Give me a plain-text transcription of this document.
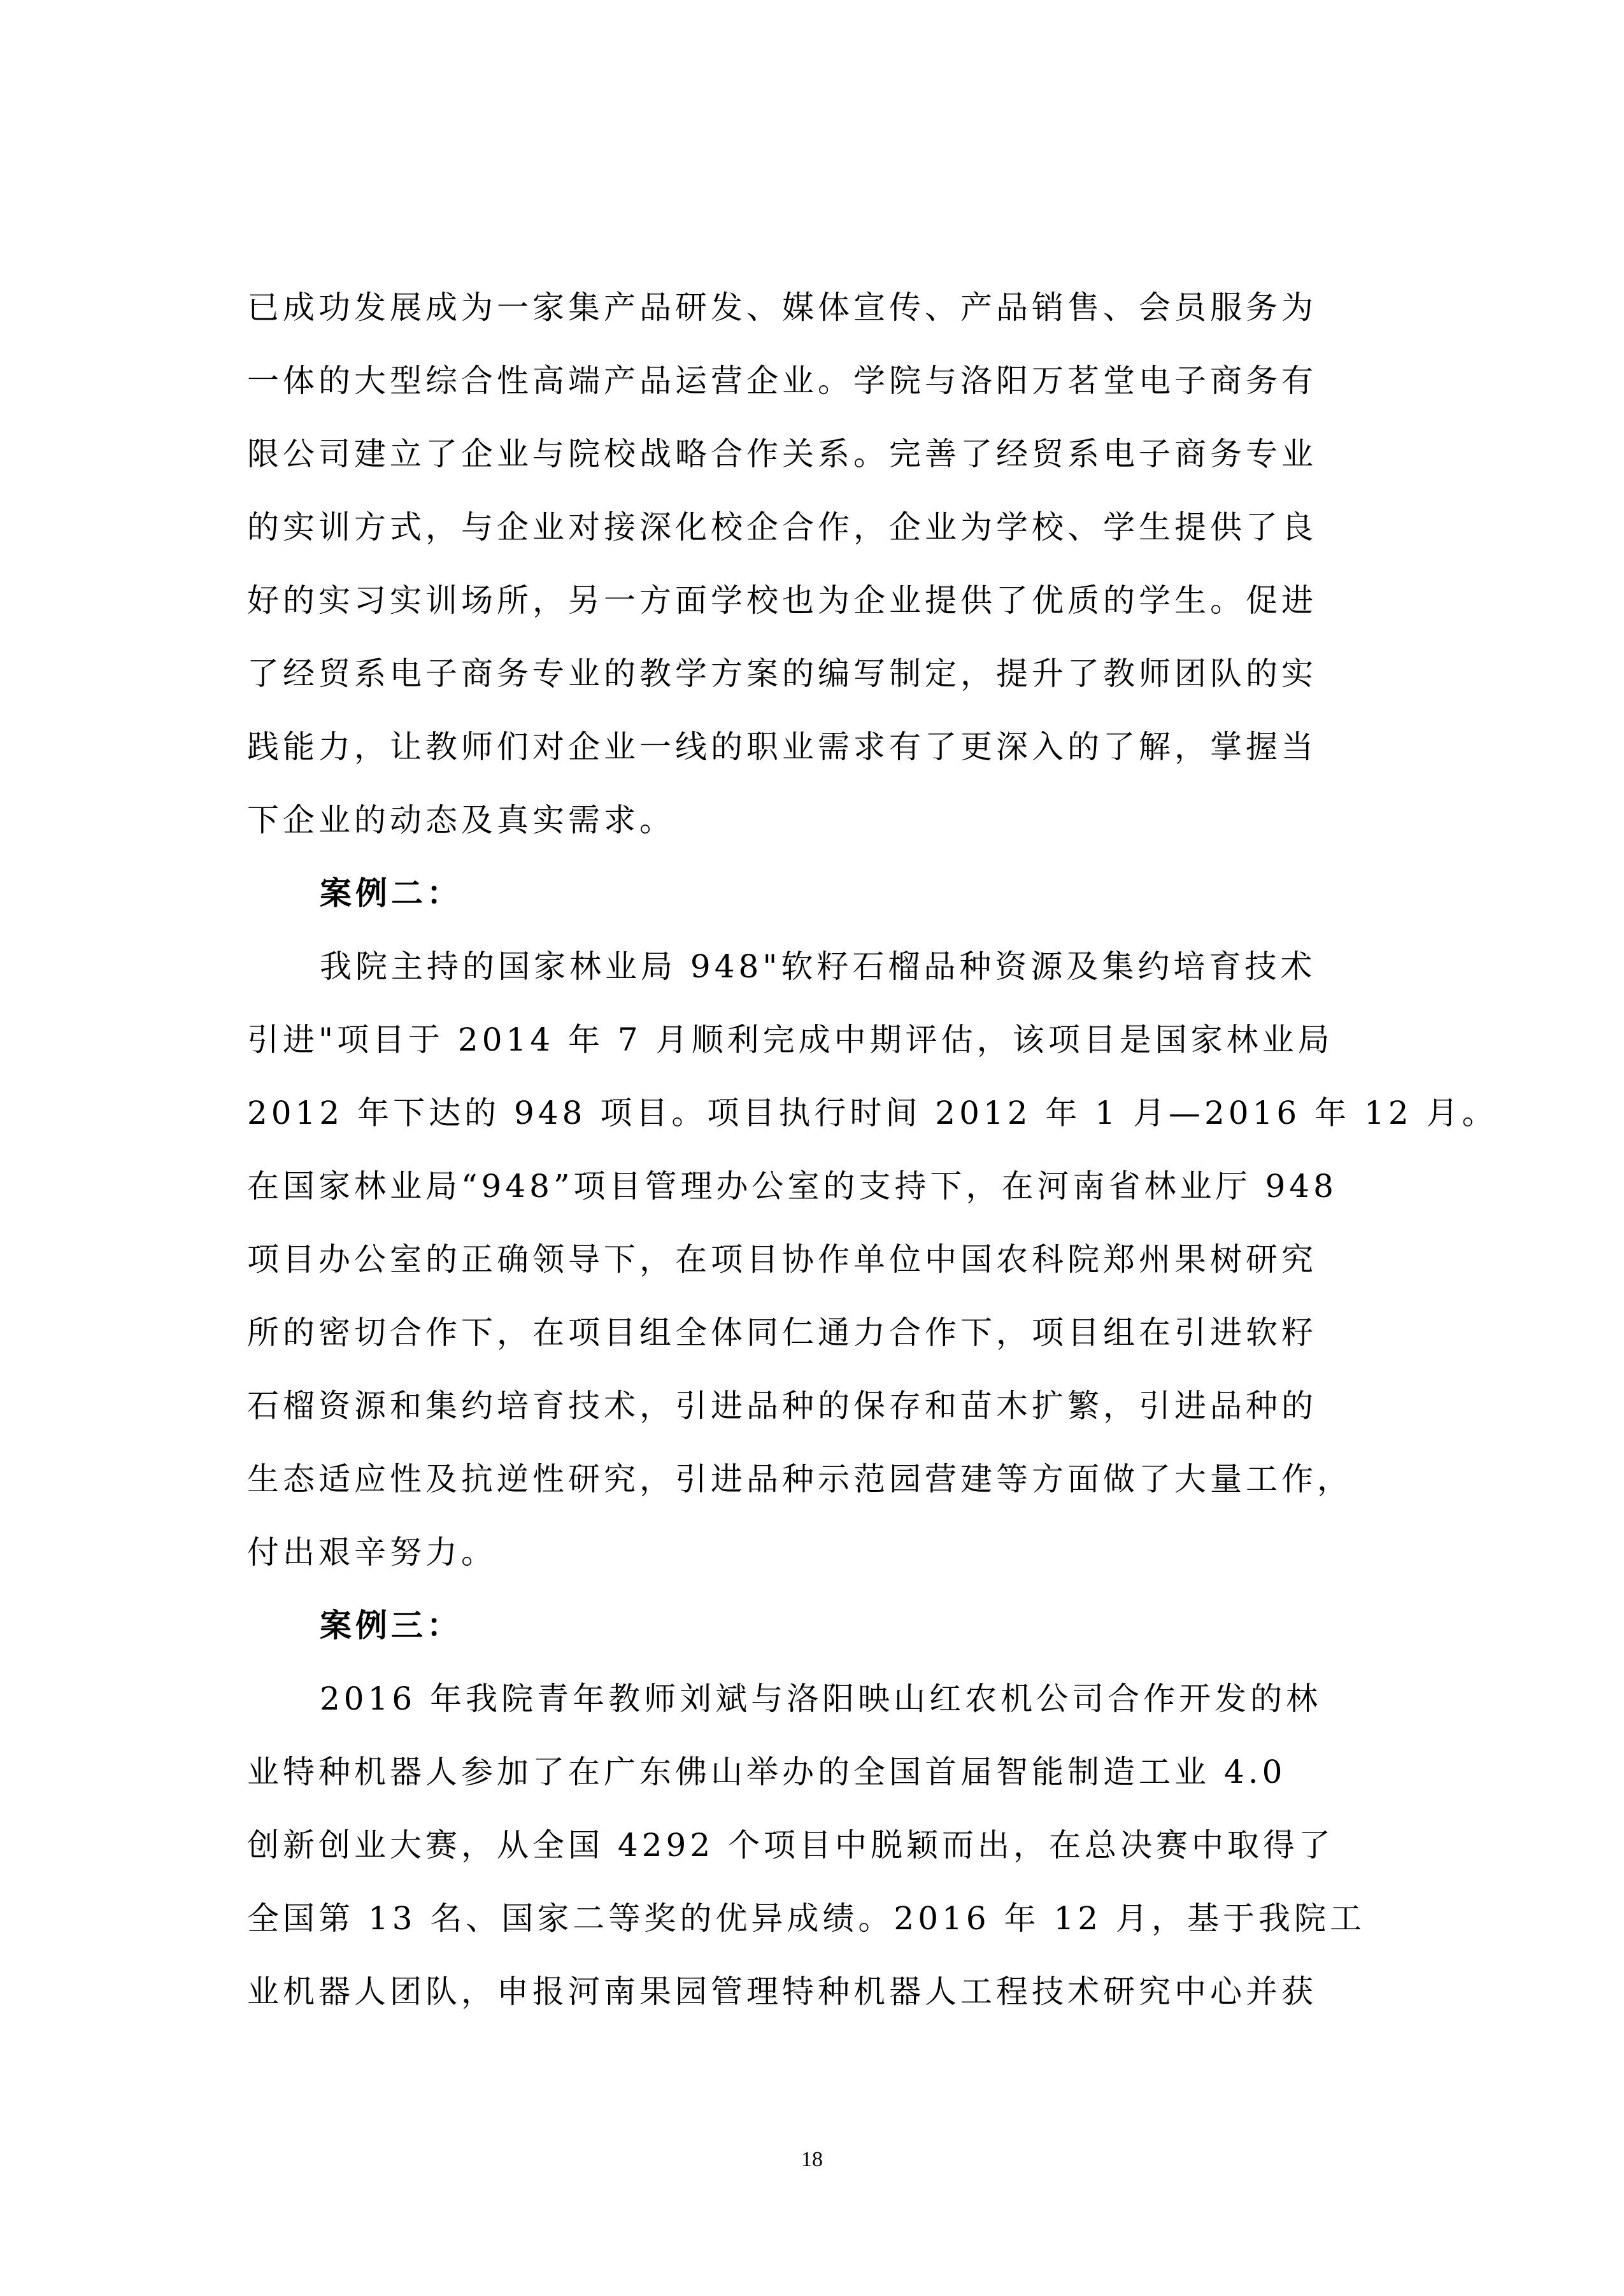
已成功发展成为一家集产品研发、媒体宣传、产品销售、会员服务为
一体的大型综合性高端产品运营企业。学院与洛阳万茗堂电子商务有
限公司建立了企业与院校战略合作关系。完善了经贸系电子商务专业
的实训方式，与企业对接深化校企合作，企业为学校、学生提供了良
好的实习实训场所，另一方面学校也为企业提供了优质的学生。促进
了经贸系电子商务专业的教学方案的编写制定，提升了教师团队的实
践能力，让教师们对企业一线的职业需求有了更深入的了解，掌握当
下企业的动态及真实需求。
案例二：
我院主持的国家林业局 948"软籽石榴品种资源及集约培育技术
引进"项目于 2014 年 7 月顺利完成中期评估，该项目是国家林业局
2012 年下达的 948 项目。项目执行时间 2012 年 1 月—2016 年 12 月。
在国家林业局“948”项目管理办公室的支持下，在河南省林业厅 948
项目办公室的正确领导下，在项目协作单位中国农科院郑州果树研究
所的密切合作下，在项目组全体同仁通力合作下，项目组在引进软籽
石榴资源和集约培育技术，引进品种的保存和苗木扩繁，引进品种的
生态适应性及抗逆性研究，引进品种示范园营建等方面做了大量工作，
付出艰辛努力。
案例三：
2016 年我院青年教师刘斌与洛阳映山红农机公司合作开发的林
业特种机器人参加了在广东佛山举办的全国首届智能制造工业 4.0
创新创业大赛，从全国 4292 个项目中脱颖而出，在总决赛中取得了
全国第 13 名、国家二等奖的优异成绩。2016 年 12 月，基于我院工
业机器人团队，申报河南果园管理特种机器人工程技术研究中心并获
18
